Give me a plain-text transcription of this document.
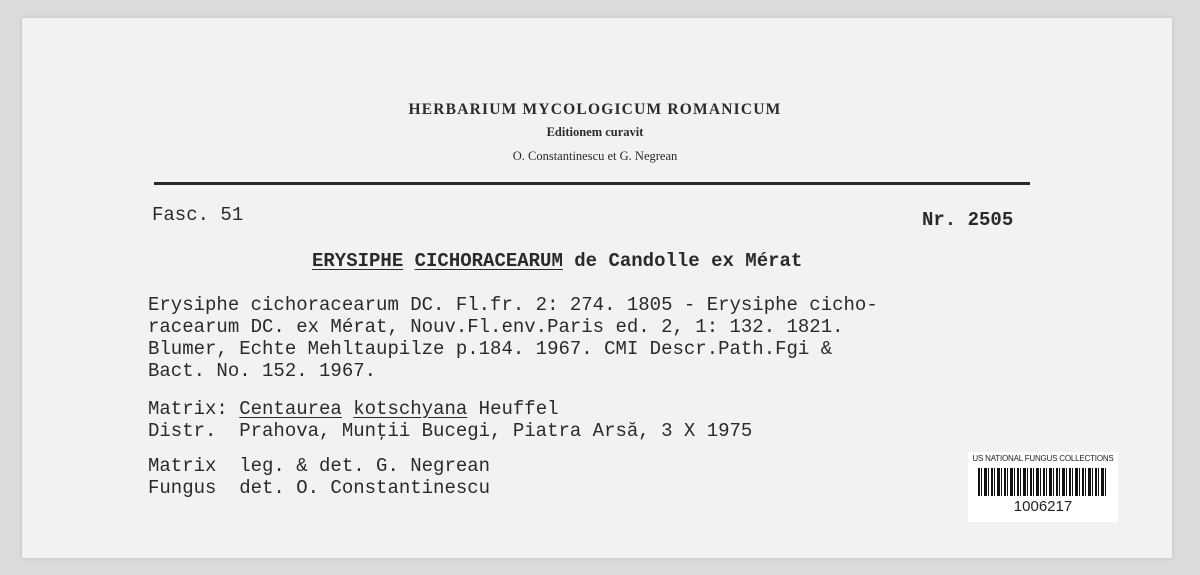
HERBARIUM MYCOLOGICUM ROMANICUM
Editionem curavit
O. Constantinescu et G. Negrean
Fasc. 51	Nr. 2505
ERYSIPHE CICHORACEARUM de Candolle ex Mérat
Erysiphe cichoracearum DC. Fl.fr. 2: 274. 1805 - Erysiphe cicho-
racearum DC. ex Mérat, Nouv.Fl.env.Paris ed. 2, 1: 132. 1821.
Blumer, Echte Mehltaupilze p.184. 1967. CMI Descr.Path.Fgi &
Bact. No. 152. 1967.
Matrix: Centaurea kotschyana Heuffel
Distr.  Prahova, Munţii Bucegi, Piatra Arsă, 3 X 1975
Matrix  leg. & det. G. Negrean
Fungus  det. O. Constantinescu
US NATIONAL FUNGUS COLLECTIONS
1006217
